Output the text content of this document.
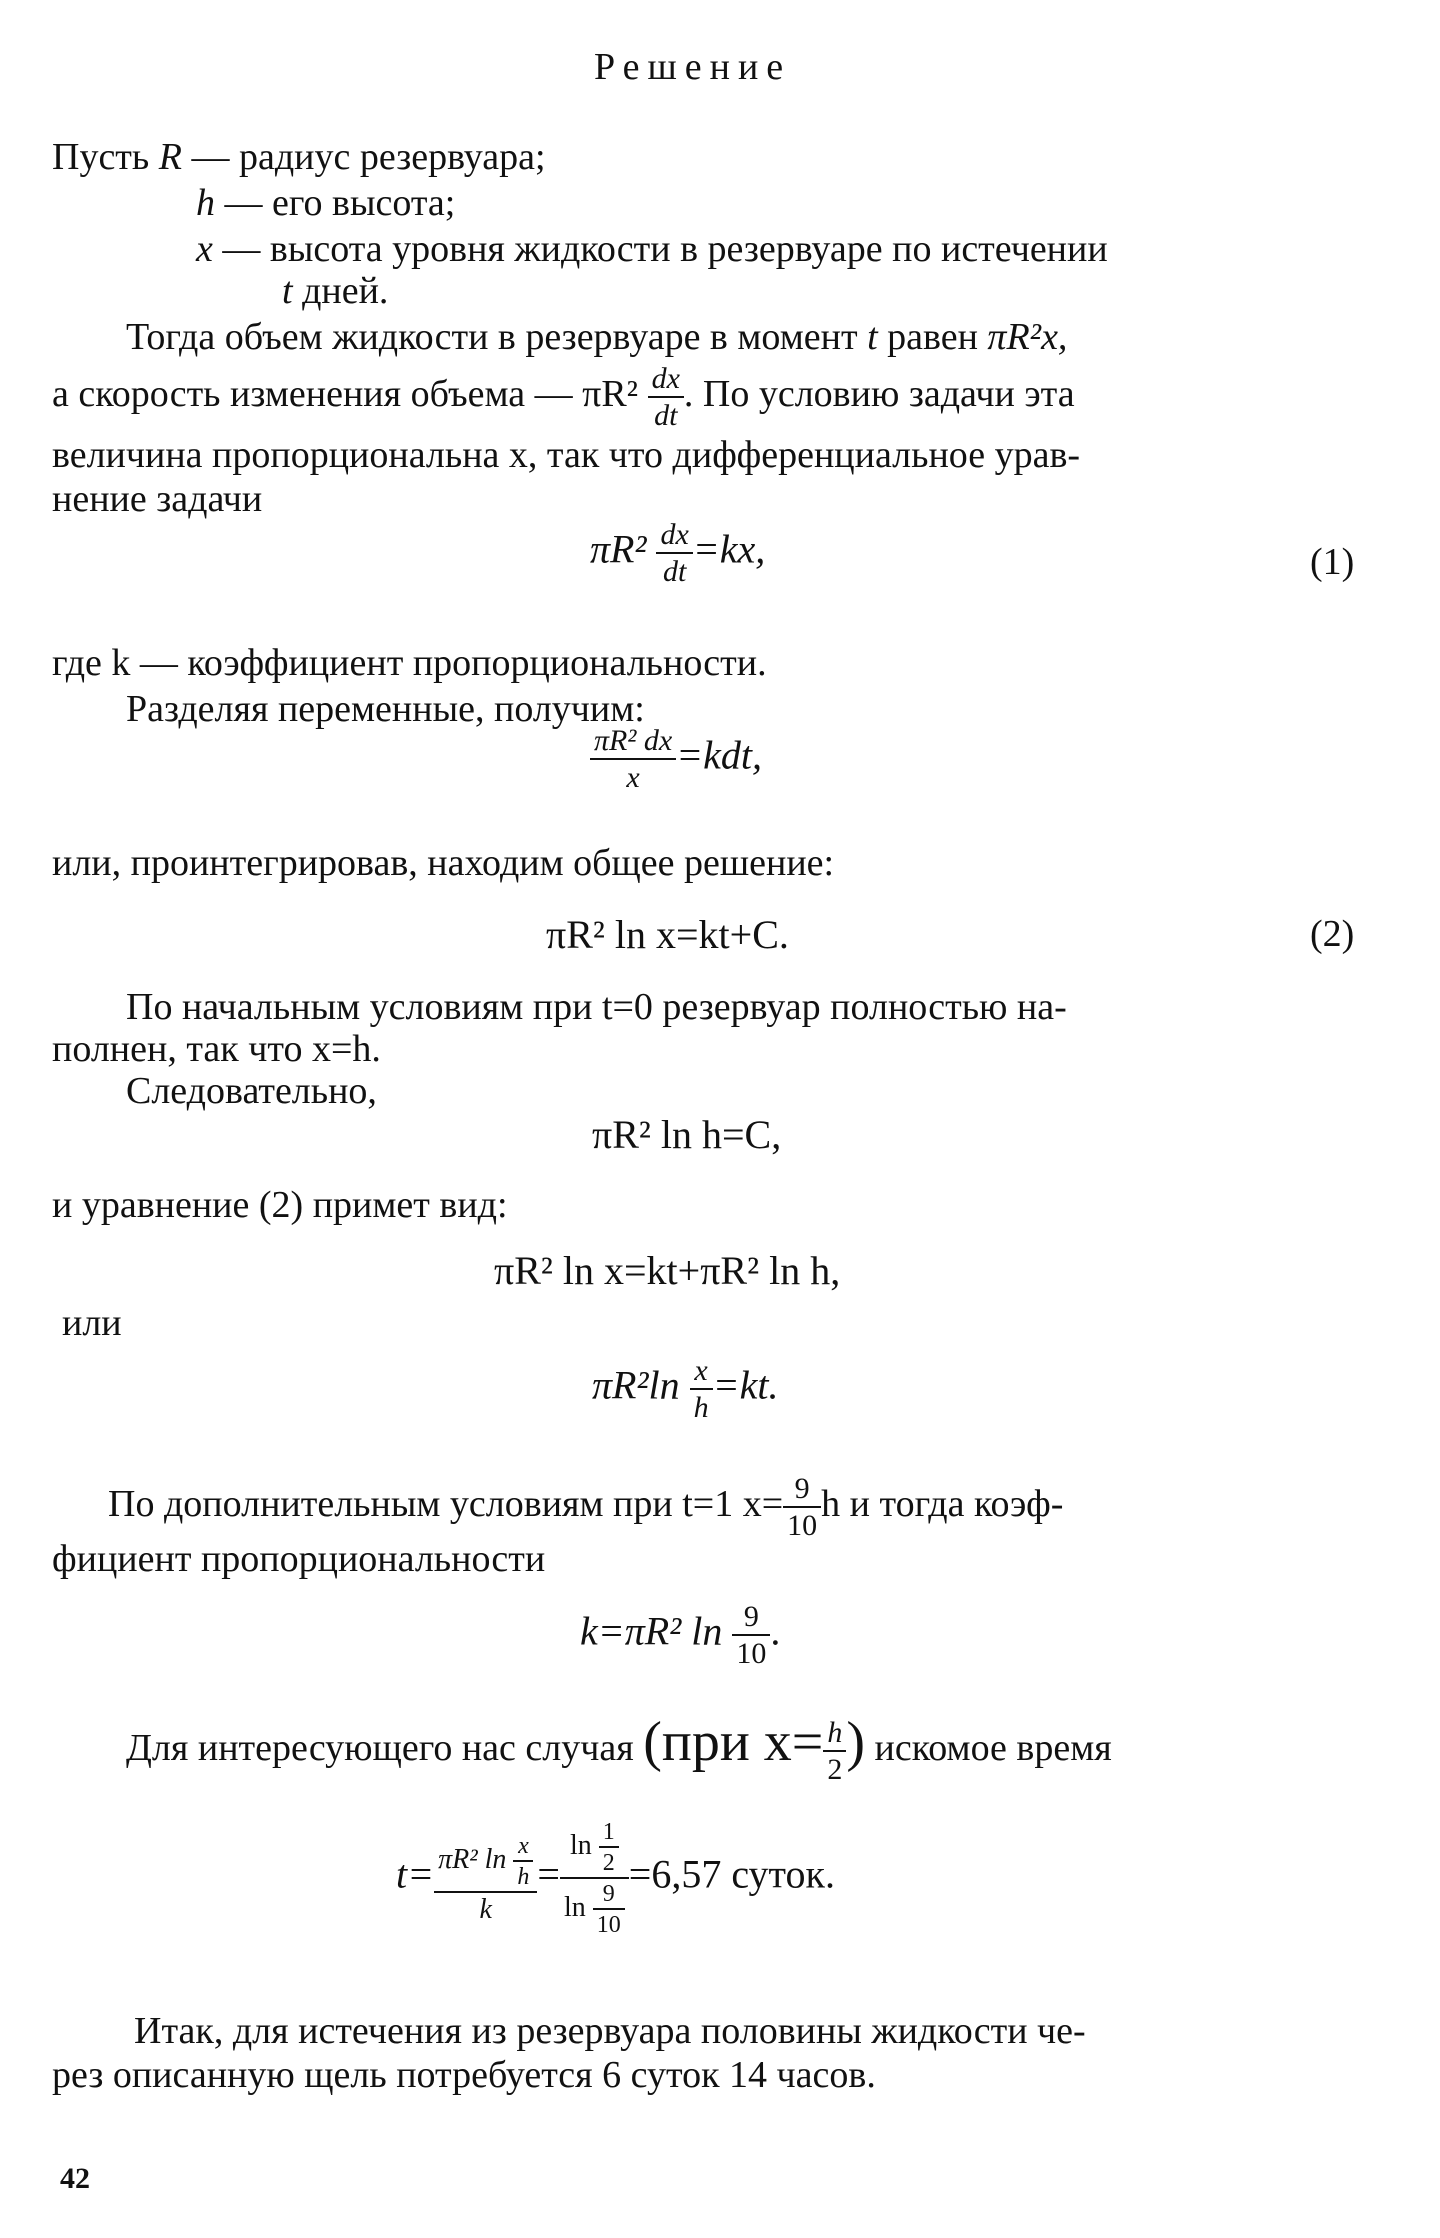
Решение
Пусть R — радиус резервуара;
h — его высота;
x — высота уровня жидкости в резервуаре по истечении
t дней.
Тогда объем жидкости в резервуаре в момент t равен πR²x,
а скорость изменения объема — $\pi R^2 \frac{dx}{dt}$ . По условию задачи эта
величина пропорциональна x, так что дифференциальное урав-
нение задачи
$\pi R^2 \frac{dx}{dt} =kx$,	(1)
где k — коэффициент пропорциональности.
Разделяя переменные, получим:
$\frac{\text{πR² dx}}{x} =kdt$,
или, проинтегрировав, находим общее решение:
πR² ln x=kt+C.	(2)
По начальным условиям при t=0 резервуар полностью на-
полнен, так что x=h.
Следовательно,
πR² ln h=C,
и уравнение (2) примет вид:
πR² ln x=kt+πR² ln h,
или
$\pi R^2\ln \frac{x}{h} =kt$.
По дополнительным условиям при t=1 $x= \frac{9}{10}$ h и тогда коэф-
фициент пропорциональности
k=πR² $\ln \frac{9}{10}$ .
Для интересующего нас случая (при $x= \frac{h}{2}$ ) искомое время
$t= \frac{\pi R^2 \ln \frac{x}{h}}{k} = \frac{\ln \frac{1}{2}}{\ln \frac{9}{10}} =6,57$ суток.
Итак, для истечения из резервуара половины жидкости че-
рез описанную щель потребуется 6 суток 14 часов.
42
